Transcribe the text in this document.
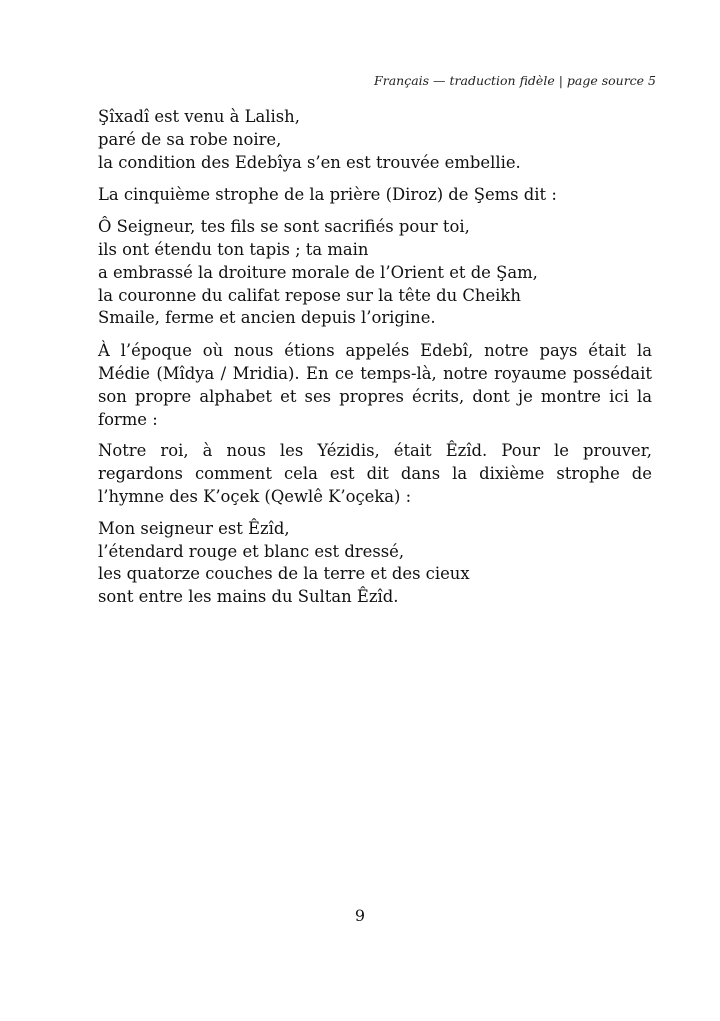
Français — traduction fidèle | page source 5
Şîxadî est venu à Lalish,
paré de sa robe noire,
la condition des Edebîya s’en est trouvée embellie.

La cinquième strophe de la prière (Diroz) de Şems dit :

Ô Seigneur, tes fils se sont sacrifiés pour toi,
ils ont étendu ton tapis ; ta main
a embrassé la droiture morale de l’Orient et de Şam,
la couronne du califat repose sur la tête du Cheikh
Smaile, ferme et ancien depuis l’origine.

À l’époque où nous étions appelés Edebî, notre pays était la Médie (Mîdya / Mridia). En ce temps-là, notre royaume possédait son propre alphabet et ses propres écrits, dont je montre ici la forme :

Notre roi, à nous les Yézidis, était Êzîd. Pour le prouver, regardons comment cela est dit dans la dixième strophe de l’hymne des K’oçek (Qewlê K’oçeka) :

Mon seigneur est Êzîd,
l’étendard rouge et blanc est dressé,
les quatorze couches de la terre et des cieux
sont entre les mains du Sultan Êzîd.
9
